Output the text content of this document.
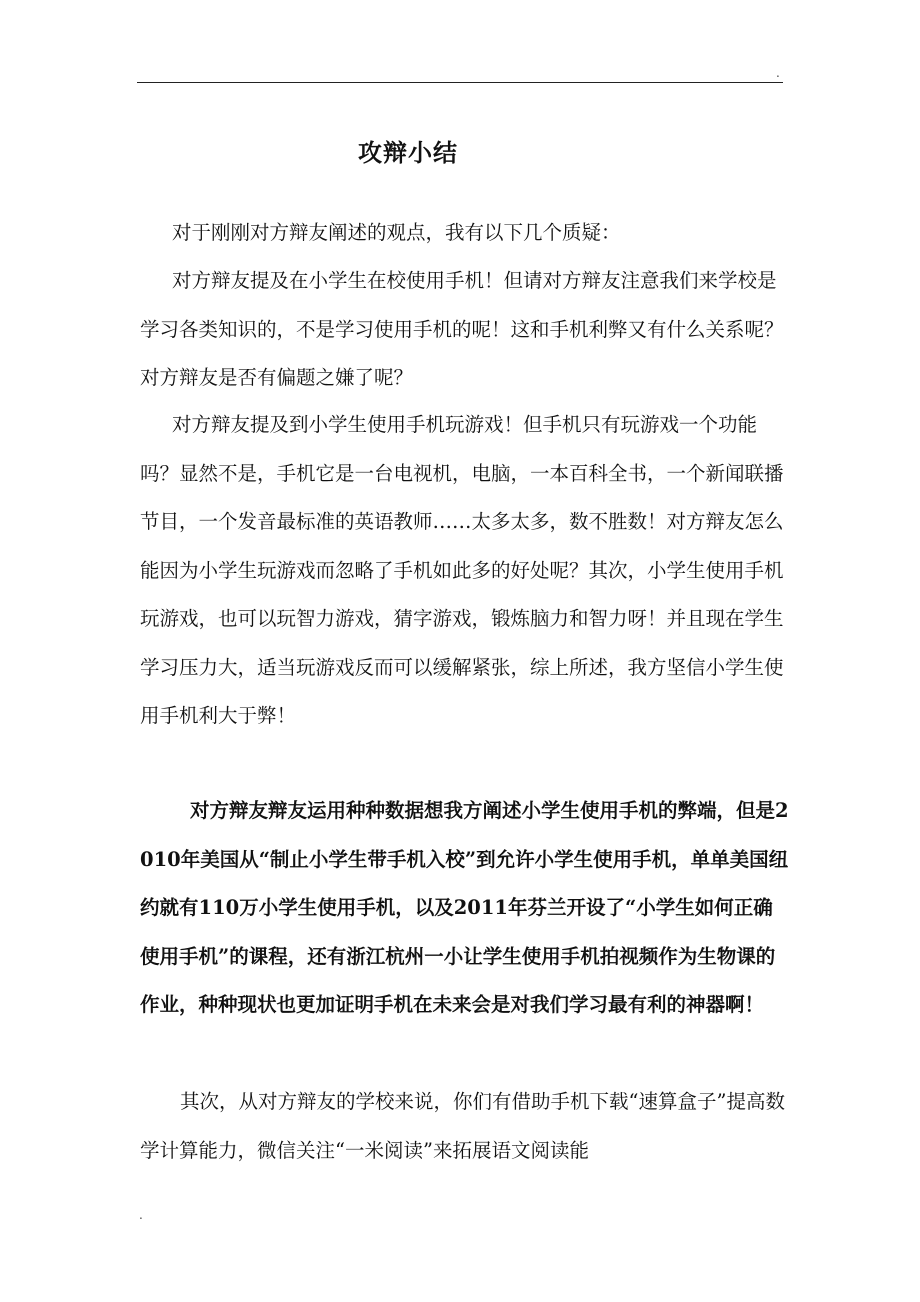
.
攻辩小结

对于刚刚对方辩友阐述的观点，我有以下几个质疑：

对方辩友提及在小学生在校使用手机！但请对方辩友注意我们来学校是学习各类知识的，不是学习使用手机的呢！这和手机利弊又有什么关系呢？对方辩友是否有偏题之嫌了呢？

对方辩友提及到小学生使用手机玩游戏！但手机只有玩游戏一个功能吗？显然不是，手机它是一台电视机，电脑，一本百科全书，一个新闻联播节目，一个发音最标准的英语教师……太多太多，数不胜数！对方辩友怎么能因为小学生玩游戏而忽略了手机如此多的好处呢？其次，小学生使用手机玩游戏，也可以玩智力游戏，猜字游戏，锻炼脑力和智力呀！并且现在学生学习压力大，适当玩游戏反而可以缓解紧张，综上所述，我方坚信小学生使用手机利大于弊！

对方辩友辩友运用种种数据想我方阐述小学生使用手机的弊端，但是2010年美国从“制止小学生带手机入校”到允许小学生使用手机，单单美国纽约就有110万小学生使用手机，以及2011年芬兰开设了“小学生如何正确使用手机”的课程，还有浙江杭州一小让学生使用手机拍视频作为生物课的作业，种种现状也更加证明手机在未来会是对我们学习最有利的神器啊！

其次，从对方辩友的学校来说，你们有借助手机下载“速算盒子”提高数学计算能力，微信关注“一米阅读”来拓展语文阅读能

.
